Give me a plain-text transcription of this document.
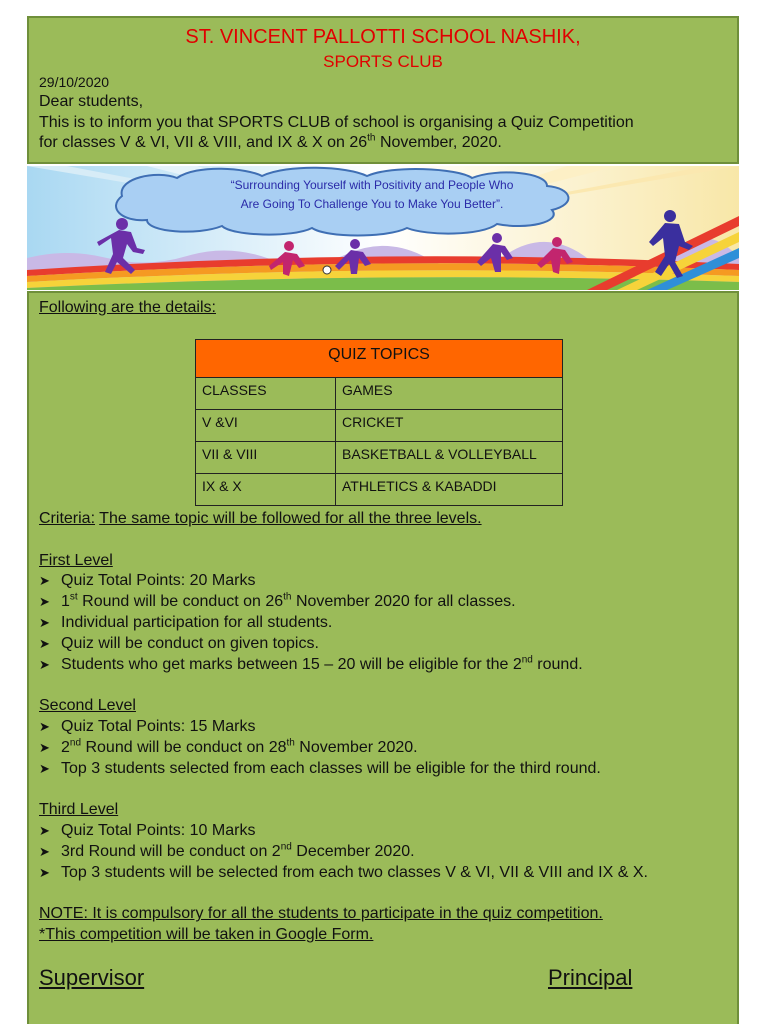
ST. VINCENT PALLOTTI SCHOOL NASHIK,
SPORTS CLUB
29/10/2020
Dear students,
This is to inform you that SPORTS CLUB of school is organising a Quiz Competition
for classes V & VI, VII & VIII, and IX & X on 26th November, 2020.
“Surrounding Yourself with Positivity and People Who
Are Going To Challenge You to Make You Better”.
Following are the details:
QUIZ TOPICS	
CLASSES	GAMES
V &VI	CRICKET
VII & VIII	BASKETBALL & VOLLEYBALL
IX & X	ATHLETICS & KABADDI
Criteria: The same topic will be followed for all the three levels.
First Level
➤ Quiz Total Points: 20 Marks
➤ 1st Round will be conduct on 26th November 2020 for all classes.
➤ Individual participation for all students.
➤ Quiz will be conduct on given topics.
➤ Students who get marks between 15 – 20 will be eligible for the 2nd round.
Second Level
➤ Quiz Total Points: 15 Marks
➤ 2nd Round will be conduct on 28th November 2020.
➤ Top 3 students selected from each classes will be eligible for the third round.
Third Level
➤ Quiz Total Points: 10 Marks
➤ 3rd Round will be conduct on 2nd December 2020.
➤ Top 3 students will be selected from each two classes V & VI, VII & VIII and IX & X.
NOTE: It is compulsory for all the students to participate in the quiz competition.
*This competition will be taken in Google Form.
Supervisor	Principal
